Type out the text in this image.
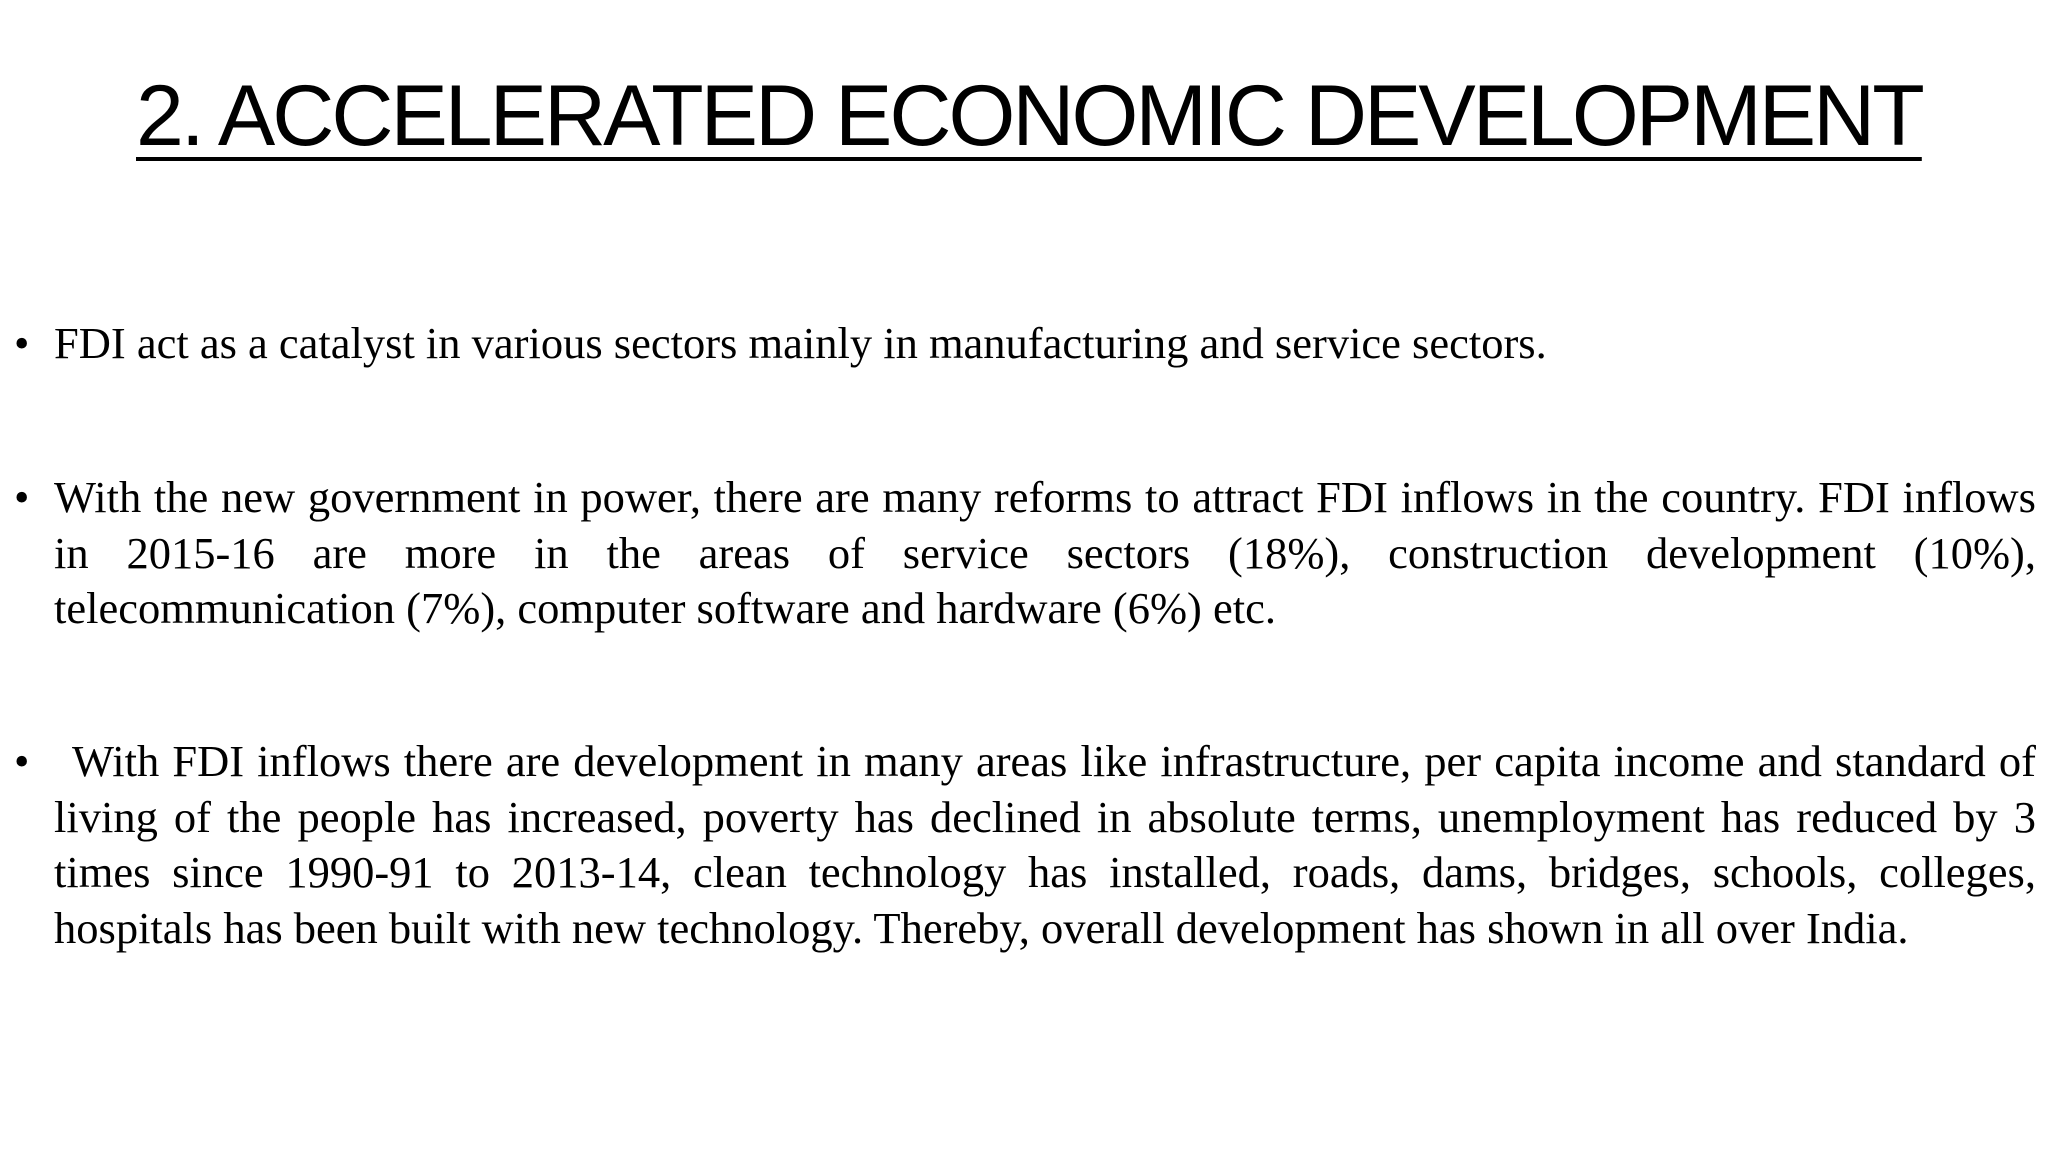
2. ACCELERATED ECONOMIC DEVELOPMENT
• FDI act as a catalyst in various sectors mainly in manufacturing and service sectors.
• With the new government in power, there are many reforms to attract FDI inflows in the country. FDI inflows in 2015-16 are more in the areas of service sectors (18%), construction development (10%), telecommunication (7%), computer software and hardware (6%) etc.
• With FDI inflows there are development in many areas like infrastructure, per capita income and standard of living of the people has increased, poverty has declined in absolute terms, unemployment has reduced by 3 times since 1990-91 to 2013-14, clean technology has installed, roads, dams, bridges, schools, colleges, hospitals has been built with new technology. Thereby, overall development has shown in all over India.
